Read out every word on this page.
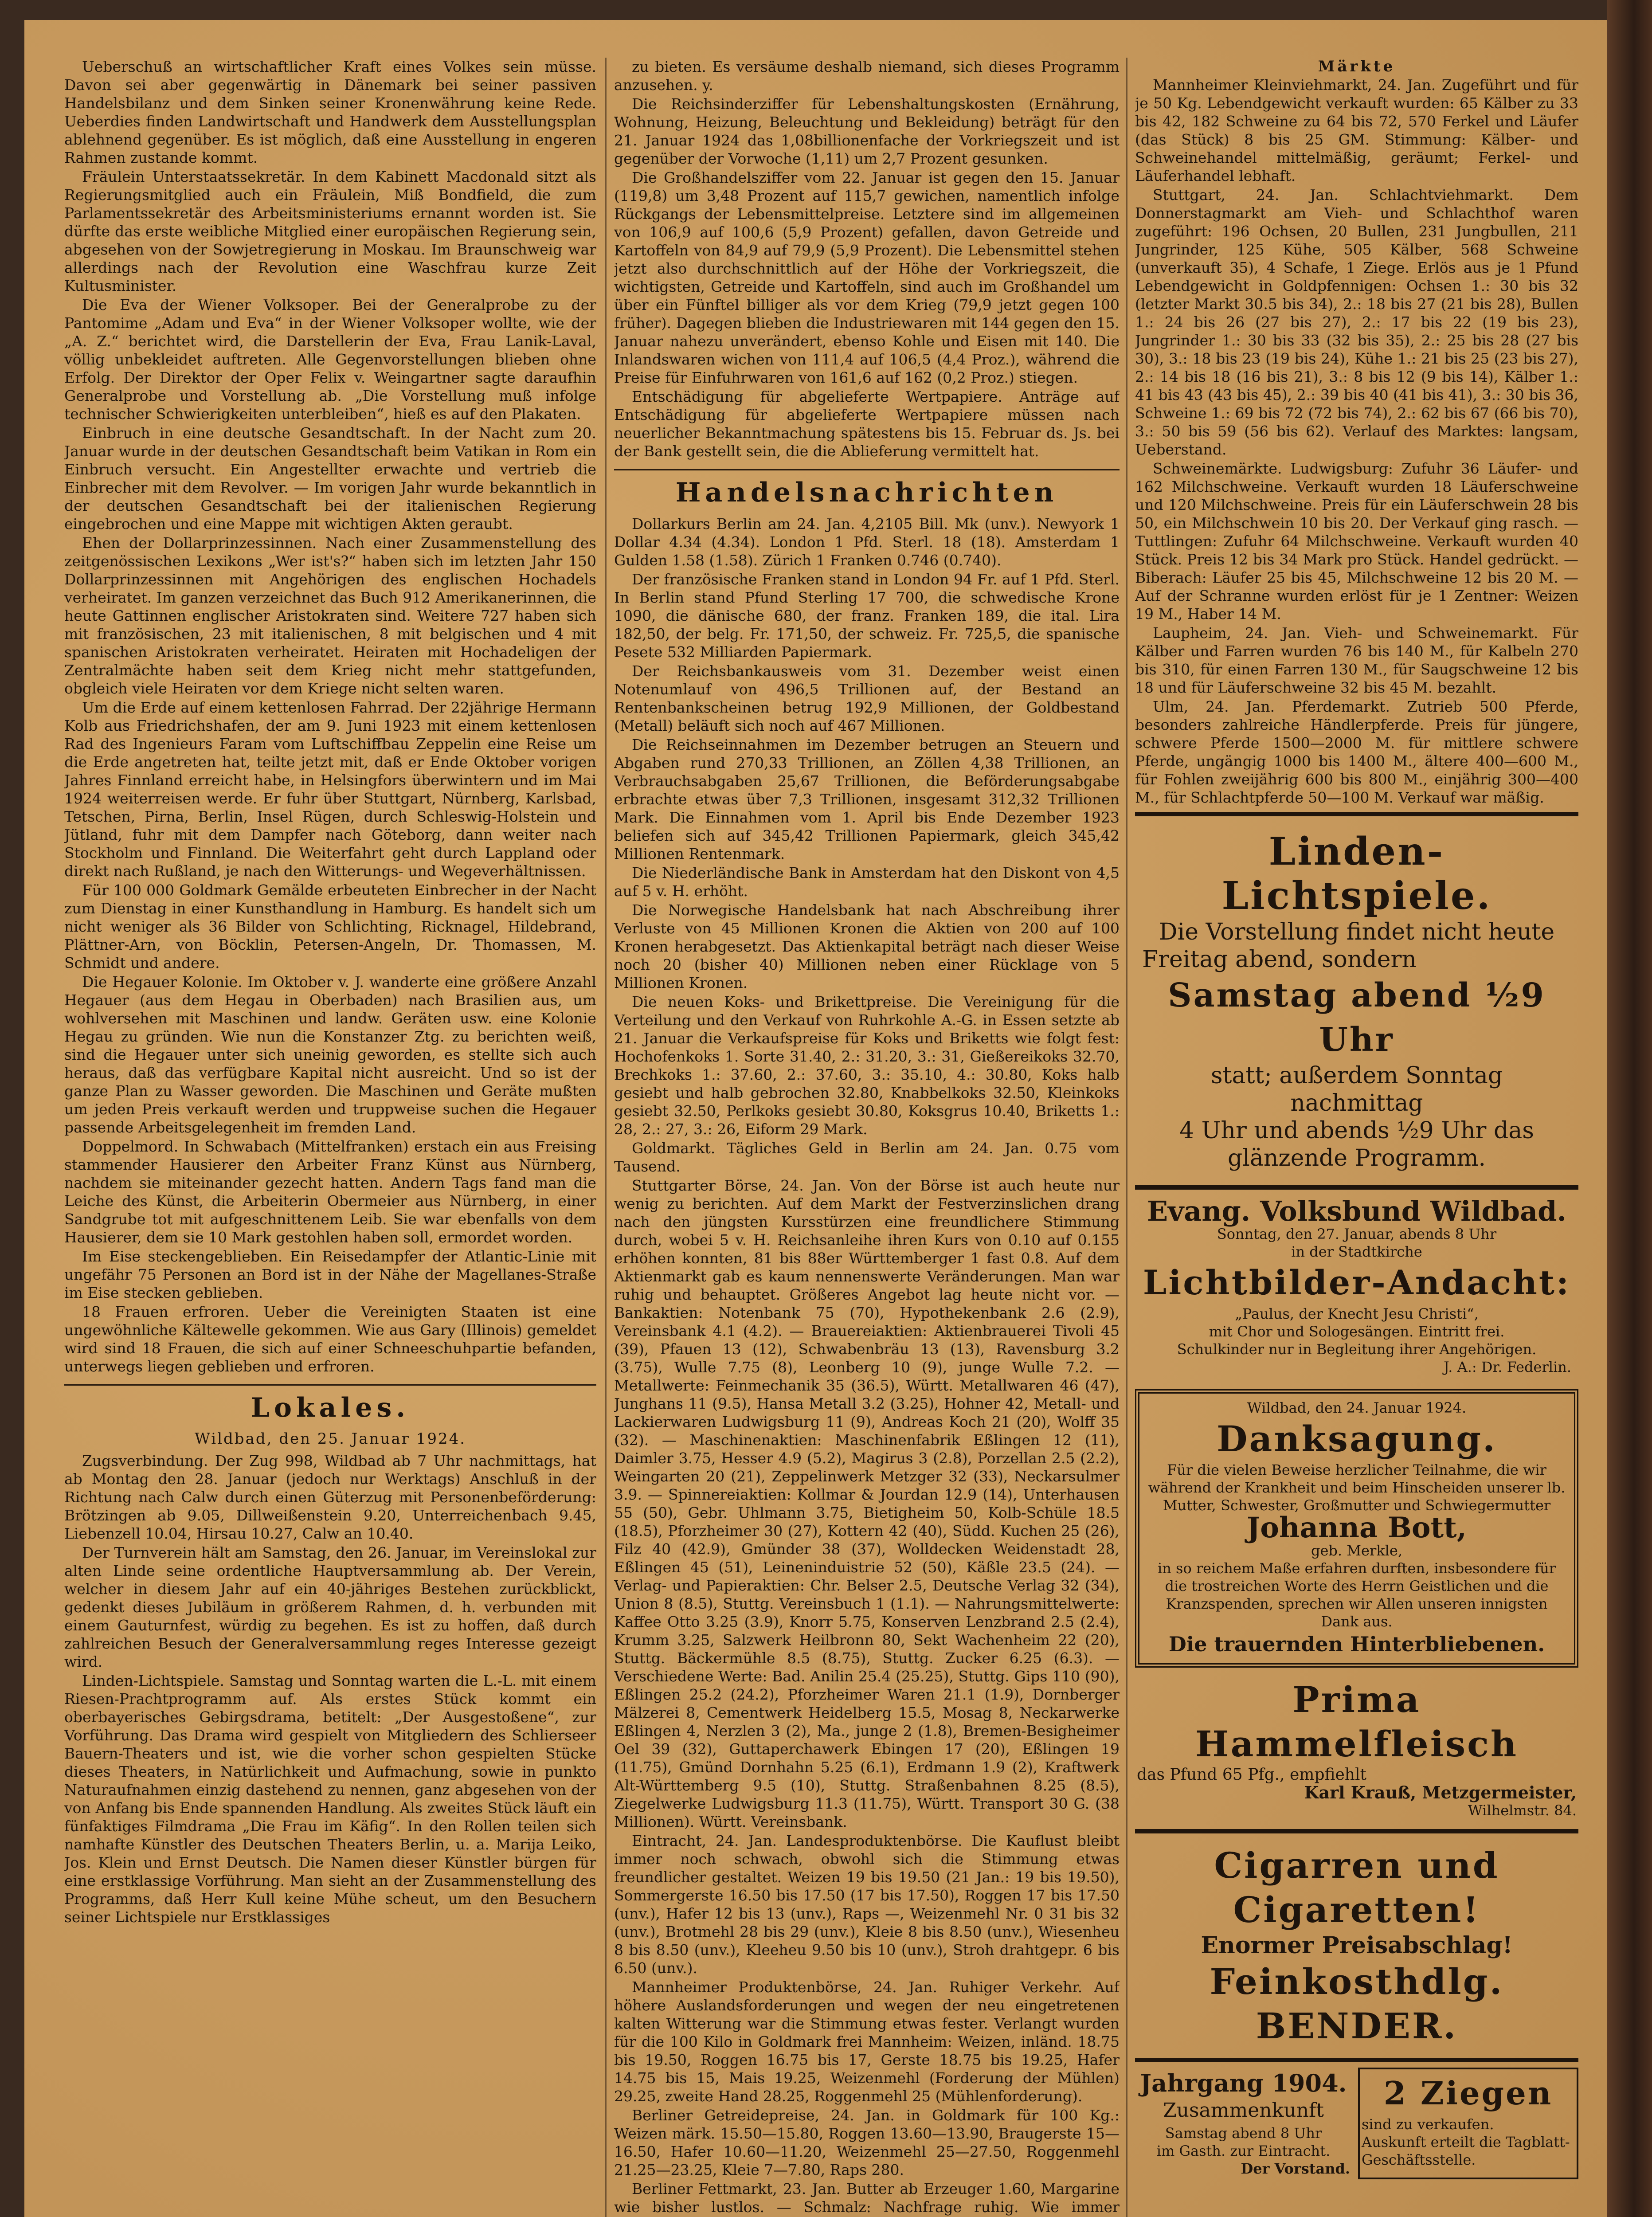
Ueberschuß an wirtschaftlicher Kraft eines Volkes sein müsse. Davon sei aber gegenwärtig in Dänemark bei seiner passiven Handelsbilanz und dem Sinken seiner Kronenwährung keine Rede. Ueberdies finden Landwirtschaft und Handwerk dem Ausstellungsplan ablehnend gegenüber. Es ist möglich, daß eine Ausstellung in engeren Rahmen zustande kommt.

Fräulein Unterstaatssekretär. In dem Kabinett Macdonald sitzt als Regierungsmitglied auch ein Fräulein, Miß Bondfield, die zum Parlamentssekretär des Arbeitsministeriums ernannt worden ist. Sie dürfte das erste weibliche Mitglied einer europäischen Regierung sein, abgesehen von der Sowjetregierung in Moskau. Im Braunschweig war allerdings nach der Revolution eine Waschfrau kurze Zeit Kultusminister.

Die Eva der Wiener Volksoper. Bei der Generalprobe zu der Pantomime „Adam und Eva“ in der Wiener Volksoper wollte, wie der „A. Z.“ berichtet wird, die Darstellerin der Eva, Frau Lanik-Laval, völlig unbekleidet auftreten. Alle Gegenvorstellungen blieben ohne Erfolg. Der Direktor der Oper Felix v. Weingartner sagte daraufhin Generalprobe und Vorstellung ab. „Die Vorstellung muß infolge technischer Schwierigkeiten unterbleiben“, hieß es auf den Plakaten.

Einbruch in eine deutsche Gesandtschaft. In der Nacht zum 20. Januar wurde in der deutschen Gesandtschaft beim Vatikan in Rom ein Einbruch versucht. Ein Angestellter erwachte und vertrieb die Einbrecher mit dem Revolver. — Im vorigen Jahr wurde bekanntlich in der deutschen Gesandtschaft bei der italienischen Regierung eingebrochen und eine Mappe mit wichtigen Akten geraubt.

Ehen der Dollarprinzessinnen. Nach einer Zusammenstellung des zeitgenössischen Lexikons „Wer ist's?“ haben sich im letzten Jahr 150 Dollarprinzessinnen mit Angehörigen des englischen Hochadels verheiratet. Im ganzen verzeichnet das Buch 912 Amerikanerinnen, die heute Gattinnen englischer Aristokraten sind. Weitere 727 haben sich mit französischen, 23 mit italienischen, 8 mit belgischen und 4 mit spanischen Aristokraten verheiratet. Heiraten mit Hochadeligen der Zentralmächte haben seit dem Krieg nicht mehr stattgefunden, obgleich viele Heiraten vor dem Kriege nicht selten waren.

Um die Erde auf einem kettenlosen Fahrrad. Der 22jährige Hermann Kolb aus Friedrichshafen, der am 9. Juni 1923 mit einem kettenlosen Rad des Ingenieurs Faram vom Luftschiffbau Zeppelin eine Reise um die Erde angetreten hat, teilte jetzt mit, daß er Ende Oktober vorigen Jahres Finnland erreicht habe, in Helsingfors überwintern und im Mai 1924 weiterreisen werde. Er fuhr über Stuttgart, Nürnberg, Karlsbad, Tetschen, Pirna, Berlin, Insel Rügen, durch Schleswig-Holstein und Jütland, fuhr mit dem Dampfer nach Göteborg, dann weiter nach Stockholm und Finnland. Die Weiterfahrt geht durch Lappland oder direkt nach Rußland, je nach den Witterungs- und Wegeverhältnissen.

Für 100 000 Goldmark Gemälde erbeuteten Einbrecher in der Nacht zum Dienstag in einer Kunsthandlung in Hamburg. Es handelt sich um nicht weniger als 36 Bilder von Schlichting, Ricknagel, Hildebrand, Plättner-Arn, von Böcklin, Petersen-Angeln, Dr. Thomassen, M. Schmidt und andere.

Die Hegauer Kolonie. Im Oktober v. J. wanderte eine größere Anzahl Hegauer (aus dem Hegau in Oberbaden) nach Brasilien aus, um wohlversehen mit Maschinen und landw. Geräten usw. eine Kolonie Hegau zu gründen. Wie nun die Konstanzer Ztg. zu berichten weiß, sind die Hegauer unter sich uneinig geworden, es stellte sich auch heraus, daß das verfügbare Kapital nicht ausreicht. Und so ist der ganze Plan zu Wasser geworden. Die Maschinen und Geräte mußten um jeden Preis verkauft werden und truppweise suchen die Hegauer passende Arbeitsgelegenheit im fremden Land.

Doppelmord. In Schwabach (Mittelfranken) erstach ein aus Freising stammender Hausierer den Arbeiter Franz Künst aus Nürnberg, nachdem sie miteinander gezecht hatten. Andern Tags fand man die Leiche des Künst, die Arbeiterin Obermeier aus Nürnberg, in einer Sandgrube tot mit aufgeschnittenem Leib. Sie war ebenfalls von dem Hausierer, dem sie 10 Mark gestohlen haben soll, ermordet worden.

Im Eise steckengeblieben. Ein Reisedampfer der Atlantic-Linie mit ungefähr 75 Personen an Bord ist in der Nähe der Magellanes-Straße im Eise stecken geblieben.

18 Frauen erfroren. Ueber die Vereinigten Staaten ist eine ungewöhnliche Kältewelle gekommen. Wie aus Gary (Illinois) gemeldet wird sind 18 Frauen, die sich auf einer Schneeschuhpartie befanden, unterwegs liegen geblieben und erfroren.

Lokales.
Wildbad, den 25. Januar 1924.

Zugsverbindung. Der Zug 998, Wildbad ab 7 Uhr nachmittags, hat ab Montag den 28. Januar (jedoch nur Werktags) Anschluß in der Richtung nach Calw durch einen Güterzug mit Personenbeförderung: Brötzingen ab 9.05, Dillweißenstein 9.20, Unterreichenbach 9.45, Liebenzell 10.04, Hirsau 10.27, Calw an 10.40.

Der Turnverein hält am Samstag, den 26. Januar, im Vereinslokal zur alten Linde seine ordentliche Hauptversammlung ab. Der Verein, welcher in diesem Jahr auf ein 40-jähriges Bestehen zurückblickt, gedenkt dieses Jubiläum in größerem Rahmen, d. h. verbunden mit einem Gauturnfest, würdig zu begehen. Es ist zu hoffen, daß durch zahlreichen Besuch der Generalversammlung reges Interesse gezeigt wird.

Linden-Lichtspiele. Samstag und Sonntag warten die L.-L. mit einem Riesen-Prachtprogramm auf. Als erstes Stück kommt ein oberbayerisches Gebirgsdrama, betitelt: „Der Ausgestoßene“, zur Vorführung. Das Drama wird gespielt von Mitgliedern des Schlierseer Bauern-Theaters und ist, wie die vorher schon gespielten Stücke dieses Theaters, in Natürlichkeit und Aufmachung, sowie in punkto Naturaufnahmen einzig dastehend zu nennen, ganz abgesehen von der von Anfang bis Ende spannenden Handlung. Als zweites Stück läuft ein fünfaktiges Filmdrama „Die Frau im Käfig“. In den Rollen teilen sich namhafte Künstler des Deutschen Theaters Berlin, u. a. Marija Leiko, Jos. Klein und Ernst Deutsch. Die Namen dieser Künstler bürgen für eine erstklassige Vorführung. Man sieht an der Zusammenstellung des Programms, daß Herr Kull keine Mühe scheut, um den Besuchern seiner Lichtspiele nur Erstklassiges

zu bieten. Es versäume deshalb niemand, sich dieses Programm anzusehen. y.

Die Reichsinderziffer für Lebenshaltungskosten (Ernährung, Wohnung, Heizung, Beleuchtung und Bekleidung) beträgt für den 21. Januar 1924 das 1,08billionenfache der Vorkriegszeit und ist gegenüber der Vorwoche (1,11) um 2,7 Prozent gesunken.

Die Großhandelsziffer vom 22. Januar ist gegen den 15. Januar (119,8) um 3,48 Prozent auf 115,7 gewichen, namentlich infolge Rückgangs der Lebensmittelpreise. Letztere sind im allgemeinen von 106,9 auf 100,6 (5,9 Prozent) gefallen, davon Getreide und Kartoffeln von 84,9 auf 79,9 (5,9 Prozent). Die Lebensmittel stehen jetzt also durchschnittlich auf der Höhe der Vorkriegszeit, die wichtigsten, Getreide und Kartoffeln, sind auch im Großhandel um über ein Fünftel billiger als vor dem Krieg (79,9 jetzt gegen 100 früher). Dagegen blieben die Industriewaren mit 144 gegen den 15. Januar nahezu unverändert, ebenso Kohle und Eisen mit 140. Die Inlandswaren wichen von 111,4 auf 106,5 (4,4 Proz.), während die Preise für Einfuhrwaren von 161,6 auf 162 (0,2 Proz.) stiegen.

Entschädigung für abgelieferte Wertpapiere. Anträge auf Entschädigung für abgelieferte Wertpapiere müssen nach neuerlicher Bekanntmachung spätestens bis 15. Februar ds. Js. bei der Bank gestellt sein, die die Ablieferung vermittelt hat.

Handelsnachrichten

Dollarkurs Berlin am 24. Jan. 4,2105 Bill. Mk (unv.). Newyork 1 Dollar 4.34 (4.34). London 1 Pfd. Sterl. 18 (18). Amsterdam 1 Gulden 1.58 (1.58). Zürich 1 Franken 0.746 (0.740).

Der französische Franken stand in London 94 Fr. auf 1 Pfd. Sterl. In Berlin stand Pfund Sterling 17 700, die schwedische Krone 1090, die dänische 680, der franz. Franken 189, die ital. Lira 182,50, der belg. Fr. 171,50, der schweiz. Fr. 725,5, die spanische Pesete 532 Milliarden Papiermark.

Der Reichsbankausweis vom 31. Dezember weist einen Notenumlauf von 496,5 Trillionen auf, der Bestand an Rentenbankscheinen betrug 192,9 Millionen, der Goldbestand (Metall) beläuft sich noch auf 467 Millionen.

Die Reichseinnahmen im Dezember betrugen an Steuern und Abgaben rund 270,33 Trillionen, an Zöllen 4,38 Trillionen, an Verbrauchsabgaben 25,67 Trillionen, die Beförderungsabgabe erbrachte etwas über 7,3 Trillionen, insgesamt 312,32 Trillionen Mark. Die Einnahmen vom 1. April bis Ende Dezember 1923 beliefen sich auf 345,42 Trillionen Papiermark, gleich 345,42 Millionen Rentenmark.

Die Niederländische Bank in Amsterdam hat den Diskont von 4,5 auf 5 v. H. erhöht.

Die Norwegische Handelsbank hat nach Abschreibung ihrer Verluste von 45 Millionen Kronen die Aktien von 200 auf 100 Kronen herabgesetzt. Das Aktienkapital beträgt nach dieser Weise noch 20 (bisher 40) Millionen neben einer Rücklage von 5 Millionen Kronen.

Die neuen Koks- und Brikettpreise. Die Vereinigung für die Verteilung und den Verkauf von Ruhrkohle A.-G. in Essen setzte ab 21. Januar die Verkaufspreise für Koks und Briketts wie folgt fest: Hochofenkoks 1. Sorte 31.40, 2.: 31.20, 3.: 31, Gießereikoks 32.70, Brechkoks 1.: 37.60, 2.: 37.60, 3.: 35.10, 4.: 30.80, Koks halb gesiebt und halb gebrochen 32.80, Knabbelkoks 32.50, Kleinkoks gesiebt 32.50, Perlkoks gesiebt 30.80, Koksgrus 10.40, Briketts 1.: 28, 2.: 27, 3.: 26, Eiform 29 Mark.

Goldmarkt. Tägliches Geld in Berlin am 24. Jan. 0.75 vom Tausend.

Stuttgarter Börse, 24. Jan. Von der Börse ist auch heute nur wenig zu berichten. Auf dem Markt der Festverzinslichen drang nach den jüngsten Kursstürzen eine freundlichere Stimmung durch, wobei 5 v. H. Reichsanleihe ihren Kurs von 0.10 auf 0.155 erhöhen konnten, 81 bis 88er Württemberger 1 fast 0.8. Auf dem Aktienmarkt gab es kaum nennenswerte Veränderungen. Man war ruhig und behauptet. Größeres Angebot lag heute nicht vor. — Bankaktien: Notenbank 75 (70), Hypothekenbank 2.6 (2.9), Vereinsbank 4.1 (4.2). — Brauereiaktien: Aktienbrauerei Tivoli 45 (39), Pfauen 13 (12), Schwabenbräu 13 (13), Ravensburg 3.2 (3.75), Wulle 7.75 (8), Leonberg 10 (9), junge Wulle 7.2. — Metallwerte: Feinmechanik 35 (36.5), Württ. Metallwaren 46 (47), Junghans 11 (9.5), Hansa Metall 3.2 (3.25), Hohner 42, Metall- und Lackierwaren Ludwigsburg 11 (9), Andreas Koch 21 (20), Wolff 35 (32). — Maschinenaktien: Maschinenfabrik Eßlingen 12 (11), Daimler 3.75, Hesser 4.9 (5.2), Magirus 3 (2.8), Porzellan 2.5 (2.2), Weingarten 20 (21), Zeppelinwerk Metzger 32 (33), Neckarsulmer 3.9. — Spinnereiaktien: Kollmar & Jourdan 12.9 (14), Unterhausen 55 (50), Gebr. Uhlmann 3.75, Bietigheim 50, Kolb-Schüle 18.5 (18.5), Pforzheimer 30 (27), Kottern 42 (40), Südd. Kuchen 25 (26), Filz 40 (42.9), Gmünder 38 (37), Wolldecken Weidenstadt 28, Eßlingen 45 (51), Leineninduistrie 52 (50), Käßle 23.5 (24). — Verlag- und Papieraktien: Chr. Belser 2.5, Deutsche Verlag 32 (34), Union 8 (8.5), Stuttg. Vereinsbuch 1 (1.1). — Nahrungsmittelwerte: Kaffee Otto 3.25 (3.9), Knorr 5.75, Konserven Lenzbrand 2.5 (2.4), Krumm 3.25, Salzwerk Heilbronn 80, Sekt Wachenheim 22 (20), Stuttg. Bäckermühle 8.5 (8.75), Stuttg. Zucker 6.25 (6.3). — Verschiedene Werte: Bad. Anilin 25.4 (25.25), Stuttg. Gips 110 (90), Eßlingen 25.2 (24.2), Pforzheimer Waren 21.1 (1.9), Dornberger Mälzerei 8, Cementwerk Heidelberg 15.5, Mosag 8, Neckarwerke Eßlingen 4, Nerzlen 3 (2), Ma., junge 2 (1.8), Bremen-Besigheimer Oel 39 (32), Guttaperchawerk Ebingen 17 (20), Eßlingen 19 (11.75), Gmünd Dornhahn 5.25 (6.1), Erdmann 1.9 (2), Kraftwerk Alt-Württemberg 9.5 (10), Stuttg. Straßenbahnen 8.25 (8.5), Ziegelwerke Ludwigsburg 11.3 (11.75), Württ. Transport 30 G. (38 Millionen). Württ. Vereinsbank.

Eintracht, 24. Jan. Landesproduktenbörse. Die Kauflust bleibt immer noch schwach, obwohl sich die Stimmung etwas freundlicher gestaltet. Weizen 19 bis 19.50 (21 Jan.: 19 bis 19.50), Sommergerste 16.50 bis 17.50 (17 bis 17.50), Roggen 17 bis 17.50 (unv.), Hafer 12 bis 13 (unv.), Raps —, Weizenmehl Nr. 0 31 bis 32 (unv.), Brotmehl 28 bis 29 (unv.), Kleie 8 bis 8.50 (unv.), Wiesenheu 8 bis 8.50 (unv.), Kleeheu 9.50 bis 10 (unv.), Stroh drahtgepr. 6 bis 6.50 (unv.).

Mannheimer Produktenbörse, 24. Jan. Ruhiger Verkehr. Auf höhere Auslandsforderungen und wegen der neu eingetretenen kalten Witterung war die Stimmung etwas fester. Verlangt wurden für die 100 Kilo in Goldmark frei Mannheim: Weizen, inländ. 18.75 bis 19.50, Roggen 16.75 bis 17, Gerste 18.75 bis 19.25, Hafer 14.75 bis 15, Mais 19.25, Weizenmehl (Forderung der Mühlen) 29.25, zweite Hand 28.25, Roggenmehl 25 (Mühlenforderung).

Berliner Getreidepreise, 24. Jan. in Goldmark für 100 Kg.: Weizen märk. 15.50—15.80, Roggen 13.60—13.90, Braugerste 15—16.50, Hafer 10.60—11.20, Weizenmehl 25—27.50, Roggenmehl 21.25—23.25, Kleie 7—7.80, Raps 280.

Berliner Fettmarkt, 23. Jan. Butter ab Erzeuger 1.60, Margarine wie bisher lustlos. — Schmalz: Nachfrage ruhig. Wie immer

Märkte

Mannheimer Kleinviehmarkt, 24. Jan. Zugeführt und für je 50 Kg. Lebendgewicht verkauft wurden: 65 Kälber zu 33 bis 42, 182 Schweine zu 64 bis 72, 570 Ferkel und Läufer (das Stück) 8 bis 25 GM. Stimmung: Kälber- und Schweinehandel mittelmäßig, geräumt; Ferkel- und Läuferhandel lebhaft.

Stuttgart, 24. Jan. Schlachtviehmarkt. Dem Donnerstagmarkt am Vieh- und Schlachthof waren zugeführt: 196 Ochsen, 20 Bullen, 231 Jungbullen, 211 Jungrinder, 125 Kühe, 505 Kälber, 568 Schweine (unverkauft 35), 4 Schafe, 1 Ziege. Erlös aus je 1 Pfund Lebendgewicht in Goldpfennigen: Ochsen 1.: 30 bis 32 (letzter Markt 30.5 bis 34), 2.: 18 bis 27 (21 bis 28), Bullen 1.: 24 bis 26 (27 bis 27), 2.: 17 bis 22 (19 bis 23), Jungrinder 1.: 30 bis 33 (32 bis 35), 2.: 25 bis 28 (27 bis 30), 3.: 18 bis 23 (19 bis 24), Kühe 1.: 21 bis 25 (23 bis 27), 2.: 14 bis 18 (16 bis 21), 3.: 8 bis 12 (9 bis 14), Kälber 1.: 41 bis 43 (43 bis 45), 2.: 39 bis 40 (41 bis 41), 3.: 30 bis 36, Schweine 1.: 69 bis 72 (72 bis 74), 2.: 62 bis 67 (66 bis 70), 3.: 50 bis 59 (56 bis 62). Verlauf des Marktes: langsam, Ueberstand.

Schweinemärkte. Ludwigsburg: Zufuhr 36 Läufer- und 162 Milchschweine. Verkauft wurden 18 Läuferschweine und 120 Milchschweine. Preis für ein Läuferschwein 28 bis 50, ein Milchschwein 10 bis 20. Der Verkauf ging rasch. — Tuttlingen: Zufuhr 64 Milchschweine. Verkauft wurden 40 Stück. Preis 12 bis 34 Mark pro Stück. Handel gedrückt. — Biberach: Läufer 25 bis 45, Milchschweine 12 bis 20 M. — Auf der Schranne wurden erlöst für je 1 Zentner: Weizen 19 M., Haber 14 M.

Laupheim, 24. Jan. Vieh- und Schweinemarkt. Für Kälber und Farren wurden 76 bis 140 M., für Kalbeln 270 bis 310, für einen Farren 130 M., für Saugschweine 12 bis 18 und für Läuferschweine 32 bis 45 M. bezahlt.

Ulm, 24. Jan. Pferdemarkt. Zutrieb 500 Pferde, besonders zahlreiche Händlerpferde. Preis für jüngere, schwere Pferde 1500—2000 M. für mittlere schwere Pferde, ungängig 1000 bis 1400 M., ältere 400—600 M., für Fohlen zweijährig 600 bis 800 M., einjährig 300—400 M., für Schlachtpferde 50—100 M. Verkauf war mäßig.

Linden-Lichtspiele.
Die Vorstellung findet nicht heute
Freitag abend, sondern
Samstag abend ½9 Uhr
statt; außerdem Sonntag nachmittag
4 Uhr und abends ½9 Uhr das glänzende Programm.
Evang. Volksbund Wildbad.
Sonntag, den 27. Januar, abends 8 Uhr
in der Stadtkirche
Lichtbilder-Andacht:
„Paulus, der Knecht Jesu Christi“,
mit Chor und Sologesängen. Eintritt frei.
Schulkinder nur in Begleitung ihrer Angehörigen.
J. A.: Dr. Federlin.
Wildbad, den 24. Januar 1924.
Danksagung.
Für die vielen Beweise herzlicher Teilnahme, die wir während der Krankheit und beim Hinscheiden unserer lb. Mutter, Schwester, Großmutter und Schwiegermutter
Johanna Bott,
geb. Merkle,
in so reichem Maße erfahren durften, insbesondere für die trostreichen Worte des Herrn Geistlichen und die Kranzspenden, sprechen wir Allen unseren innigsten Dank aus.
Die trauernden Hinterbliebenen.
Prima Hammelfleisch
das Pfund 65 Pfg., empfiehlt
Karl Krauß, Metzgermeister,
Wilhelmstr. 84.
Cigarren und Cigaretten!
Enormer Preisabschlag!
Feinkosthdlg. BENDER.
Jahrgang 1904.
Zusammenkunft
Samstag abend 8 Uhr
im Gasth. zur Eintracht.
Der Vorstand.
2 Ziegen
sind zu verkaufen.
Auskunft erteilt die Tagblatt-Geschäftsstelle.
